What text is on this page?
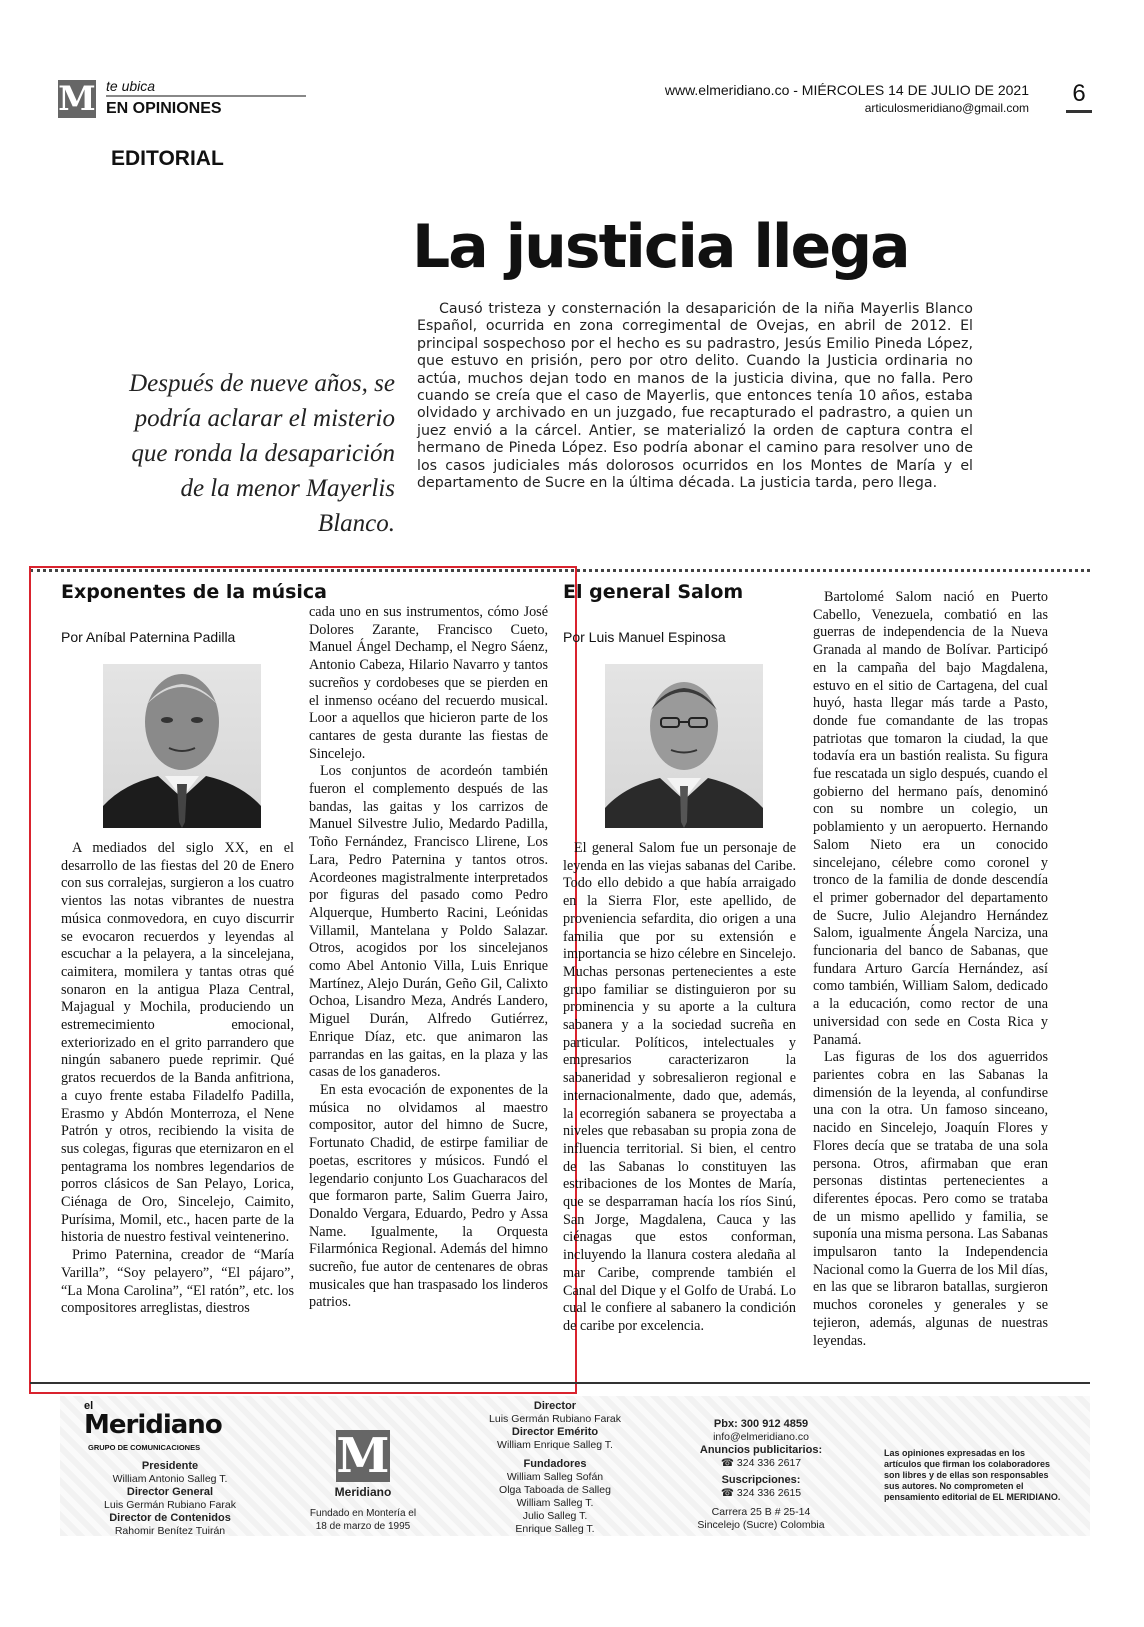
M te ubica
EN OPINIONES
EDITORIAL
www.elmeridiano.co - MIÉRCOLES 14 DE JULIO DE 2021
articulosmeridiano@gmail.com
6
La justicia llega
Después de nueve años, se podría aclarar el misterio que ronda la desaparición de la menor Mayerlis Blanco.
Causó tristeza y consternación la desaparición de la niña Mayerlis Blanco Español, ocurrida en zona corregimental de Ovejas, en abril de 2012. El principal sospechoso por el hecho es su padrastro, Jesús Emilio Pineda López, que estuvo en prisión, pero por otro delito. Cuando la Justicia ordinaria no actúa, muchos dejan todo en manos de la justicia divina, que no falla. Pero cuando se creía que el caso de Mayerlis, que entonces tenía 10 años, estaba olvidado y archivado en un juzgado, fue recapturado el padrastro, a quien un juez envió a la cárcel. Antier, se materializó la orden de captura contra el hermano de Pineda López. Eso podría abonar el camino para resolver uno de los casos judiciales más dolorosos ocurridos en los Montes de María y el departamento de Sucre en la última década. La justicia tarda, pero llega.
Exponentes de la música
Por Aníbal Paternina Padilla

A mediados del siglo XX, en el desarrollo de las fiestas del 20 de Enero con sus corralejas, surgieron a los cuatro vientos las notas vibrantes de nuestra música conmovedora, en cuyo discurrir se evocaron recuerdos y leyendas al escuchar a la pelayera, a la sincelejana, caimitera, momilera y tantas otras qué sonaron en la antigua Plaza Central, Majagual y Mochila, produciendo un estremecimiento emocional, exteriorizado en el grito parrandero que ningún sabanero puede reprimir. Qué gratos recuerdos de la Banda anfitriona, a cuyo frente estaba Filadelfo Padilla, Erasmo y Abdón Monterroza, el Nene Patrón y otros, recibiendo la visita de sus colegas, figuras que eternizaron en el pentagrama los nombres legendarios de porros clásicos de San Pelayo, Lorica, Ciénaga de Oro, Sincelejo, Caimito, Purísima, Momil, etc., hacen parte de la historia de nuestro festival veintenerino.

Primo Paternina, creador de “María Varilla”, “Soy pelayero”, “El pájaro”, “La Mona Carolina”, “El ratón”, etc. los compositores arreglistas, diestros

cada uno en sus instrumentos, cómo José Dolores Zarante, Francisco Cueto, Manuel Ángel Dechamp, el Negro Sáenz, Antonio Cabeza, Hilario Navarro y tantos sucreños y cordobeses que se pierden en el inmenso océano del recuerdo musical. Loor a aquellos que hicieron parte de los cantares de gesta durante las fiestas de Sincelejo.

Los conjuntos de acordeón también fueron el complemento después de las bandas, las gaitas y los carrizos de Manuel Silvestre Julio, Medardo Padilla, Toño Fernández, Francisco Llirene, Los Lara, Pedro Paternina y tantos otros. Acordeones magistralmente interpretados por figuras del pasado como Pedro Alquerque, Humberto Racini, Leónidas Villamil, Mantelana y Poldo Salazar. Otros, acogidos por los sincelejanos como Abel Antonio Villa, Luis Enrique Martínez, Alejo Durán, Geño Gil, Calixto Ochoa, Lisandro Meza, Andrés Landero, Miguel Durán, Alfredo Gutiérrez, Enrique Díaz, etc. que animaron las parrandas en las gaitas, en la plaza y las casas de los ganaderos.

En esta evocación de exponentes de la música no olvidamos al maestro compositor, autor del himno de Sucre, Fortunato Chadid, de estirpe familiar de poetas, escritores y músicos. Fundó el legendario conjunto Los Guacharacos del que formaron parte, Salim Guerra Jairo, Donaldo Vergara, Eduardo, Pedro y Assa Name. Igualmente, la Orquesta Filarmónica Regional. Además del himno sucreño, fue autor de centenares de obras musicales que han traspasado los linderos patrios.

El general Salom
Por Luis Manuel Espinosa

El general Salom fue un personaje de leyenda en las viejas sabanas del Caribe. Todo ello debido a que había arraigado en la Sierra Flor, este apellido, de proveniencia sefardita, dio origen a una familia que por su extensión e importancia se hizo célebre en Sincelejo. Muchas personas pertenecientes a este grupo familiar se distinguieron por su prominencia y su aporte a la cultura sabanera y a la sociedad sucreña en particular. Políticos, intelectuales y empresarios caracterizaron la sabaneridad y sobresalieron regional e internacionalmente, dado que, además, la ecorregión sabanera se proyectaba a niveles que rebasaban su propia zona de influencia territorial. Si bien, el centro de las Sabanas lo constituyen las estribaciones de los Montes de María, que se desparraman hacía los ríos Sinú, San Jorge, Magdalena, Cauca y las ciénagas que estos conforman, incluyendo la llanura costera aledaña al mar Caribe, comprende también el Canal del Dique y el Golfo de Urabá. Lo cual le confiere al sabanero la condición de caribe por excelencia.

Bartolomé Salom nació en Puerto Cabello, Venezuela, combatió en las guerras de independencia de la Nueva Granada al mando de Bolívar. Participó en la campaña del bajo Magdalena, estuvo en el sitio de Cartagena, del cual huyó, hasta llegar más tarde a Pasto, donde fue comandante de las tropas patriotas que tomaron la ciudad, la que todavía era un bastión realista. Su figura fue rescatada un siglo después, cuando el gobierno del hermano país, denominó con su nombre un colegio, un poblamiento y un aeropuerto. Hernando Salom Nieto era un conocido sincelejano, célebre como coronel y tronco de la familia de donde descendía el primer gobernador del departamento de Sucre, Julio Alejandro Hernández Salom, igualmente Ángela Narciza, una funcionaria del banco de Sabanas, que fundara Arturo García Hernández, así como también, William Salom, dedicado a la educación, como rector de una universidad con sede en Costa Rica y Panamá.

Las figuras de los dos aguerridos parientes cobra en las Sabanas la dimensión de la leyenda, al confundirse una con la otra. Un famoso sinceano, nacido en Sincelejo, Joaquín Flores y Flores decía que se trataba de una sola persona. Otros, afirmaban que eran personas distintas pertenecientes a diferentes épocas. Pero como se trataba de un mismo apellido y familia, se suponía una misma persona. Las Sabanas impulsaron tanto la Independencia Nacional como la Guerra de los Mil días, en las que se libraron batallas, surgieron muchos coroneles y generales y se tejieron, además, algunas de nuestras leyendas.

el
Meridiano
GRUPO DE COMUNICACIONES
Presidente
William Antonio Salleg T.
Director General
Luis Germán Rubiano Farak
Director de Contenidos
Rahomir Benítez Tuirán
M
Meridiano
Fundado en Montería el 18 de marzo de 1995
Director
Luis Germán Rubiano Farak
Director Emérito
William Enrique Salleg T.

Fundadores
William Salleg Sofán
Olga Taboada de Salleg
William Salleg T.
Julio Salleg T.
Enrique Salleg T.
Pbx: 300 912 4859
info@elmeridiano.co
Anuncios publicitarios:
☎ 324 336 2617

Suscripciones:
☎ 324 336 2615

Carrera 25 B # 25-14
Sincelejo (Sucre) Colombia
Las opiniones expresadas en los artículos que firman los colaboradores son libres y de ellas son responsables sus autores. No comprometen el pensamiento editorial de EL MERIDIANO.
